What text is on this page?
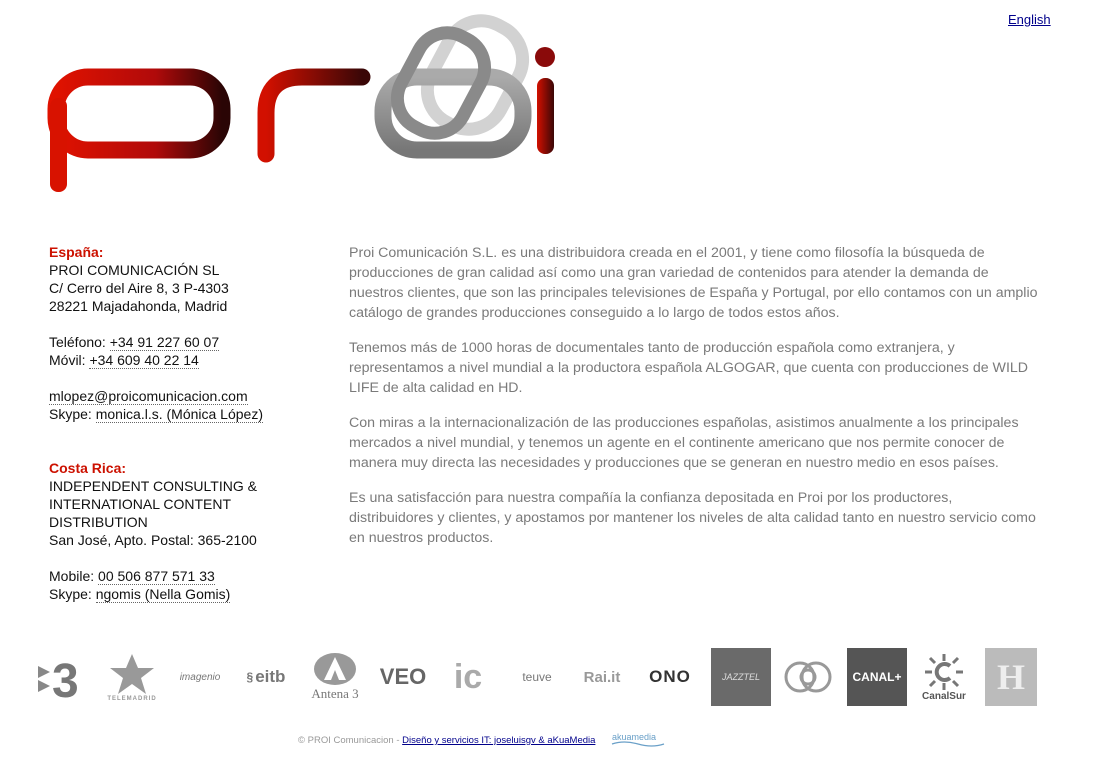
English
España:
PROI COMUNICACIÓN SL
C/ Cerro del Aire 8, 3 P-4303
28221 Majadahonda, Madrid
Teléfono: +34 91 227 60 07
Móvil: +34 609 40 22 14
mlopez@proicomunicacion.com
Skype: monica.l.s. (Mónica López)
Costa Rica:
INDEPENDENT CONSULTING &
INTERNATIONAL CONTENT
DISTRIBUTION
San José, Apto. Postal: 365-2100
Mobile: 00 506 877 571 33
Skype: ngomis (Nella Gomis)

Proi Comunicación S.L. es una distribuidora creada en el 2001, y tiene como filosofía la búsqueda de producciones de gran calidad así como una gran variedad de contenidos para atender la demanda de nuestros clientes, que son las principales televisiones de España y Portugal, por ello contamos con un amplio catálogo de grandes producciones conseguido a lo largo de todos estos años.

Tenemos más de 1000 horas de documentales tanto de producción española como extranjera, y representamos a nivel mundial a la productora española ALGOGAR, que cuenta con producciones de WILD LIFE de alta calidad en HD.

Con miras a la internacionalización de las producciones españolas, asistimos anualmente a los principales mercados a nivel mundial, y tenemos un agente en el continente americano que nos permite conocer de manera muy directa las necesidades y producciones que se generan en nuestro medio en esos países.

Es una satisfacción para nuestra compañía la confianza depositada en Proi por los productores, distribuidores y clientes, y apostamos por mantener los niveles de alta calidad tanto en nuestro servicio como en nuestros productos.

3	TELEMADRID
imagenio	§ eitb
Antena 3
VEO ic	teuve	Rai.it	ONO	JAZZTEL	CANAL+
CanalSur H
© PROI Comunicacion - Diseño y servicios IT: joseluisgv & aKuaMedia akuamedia
